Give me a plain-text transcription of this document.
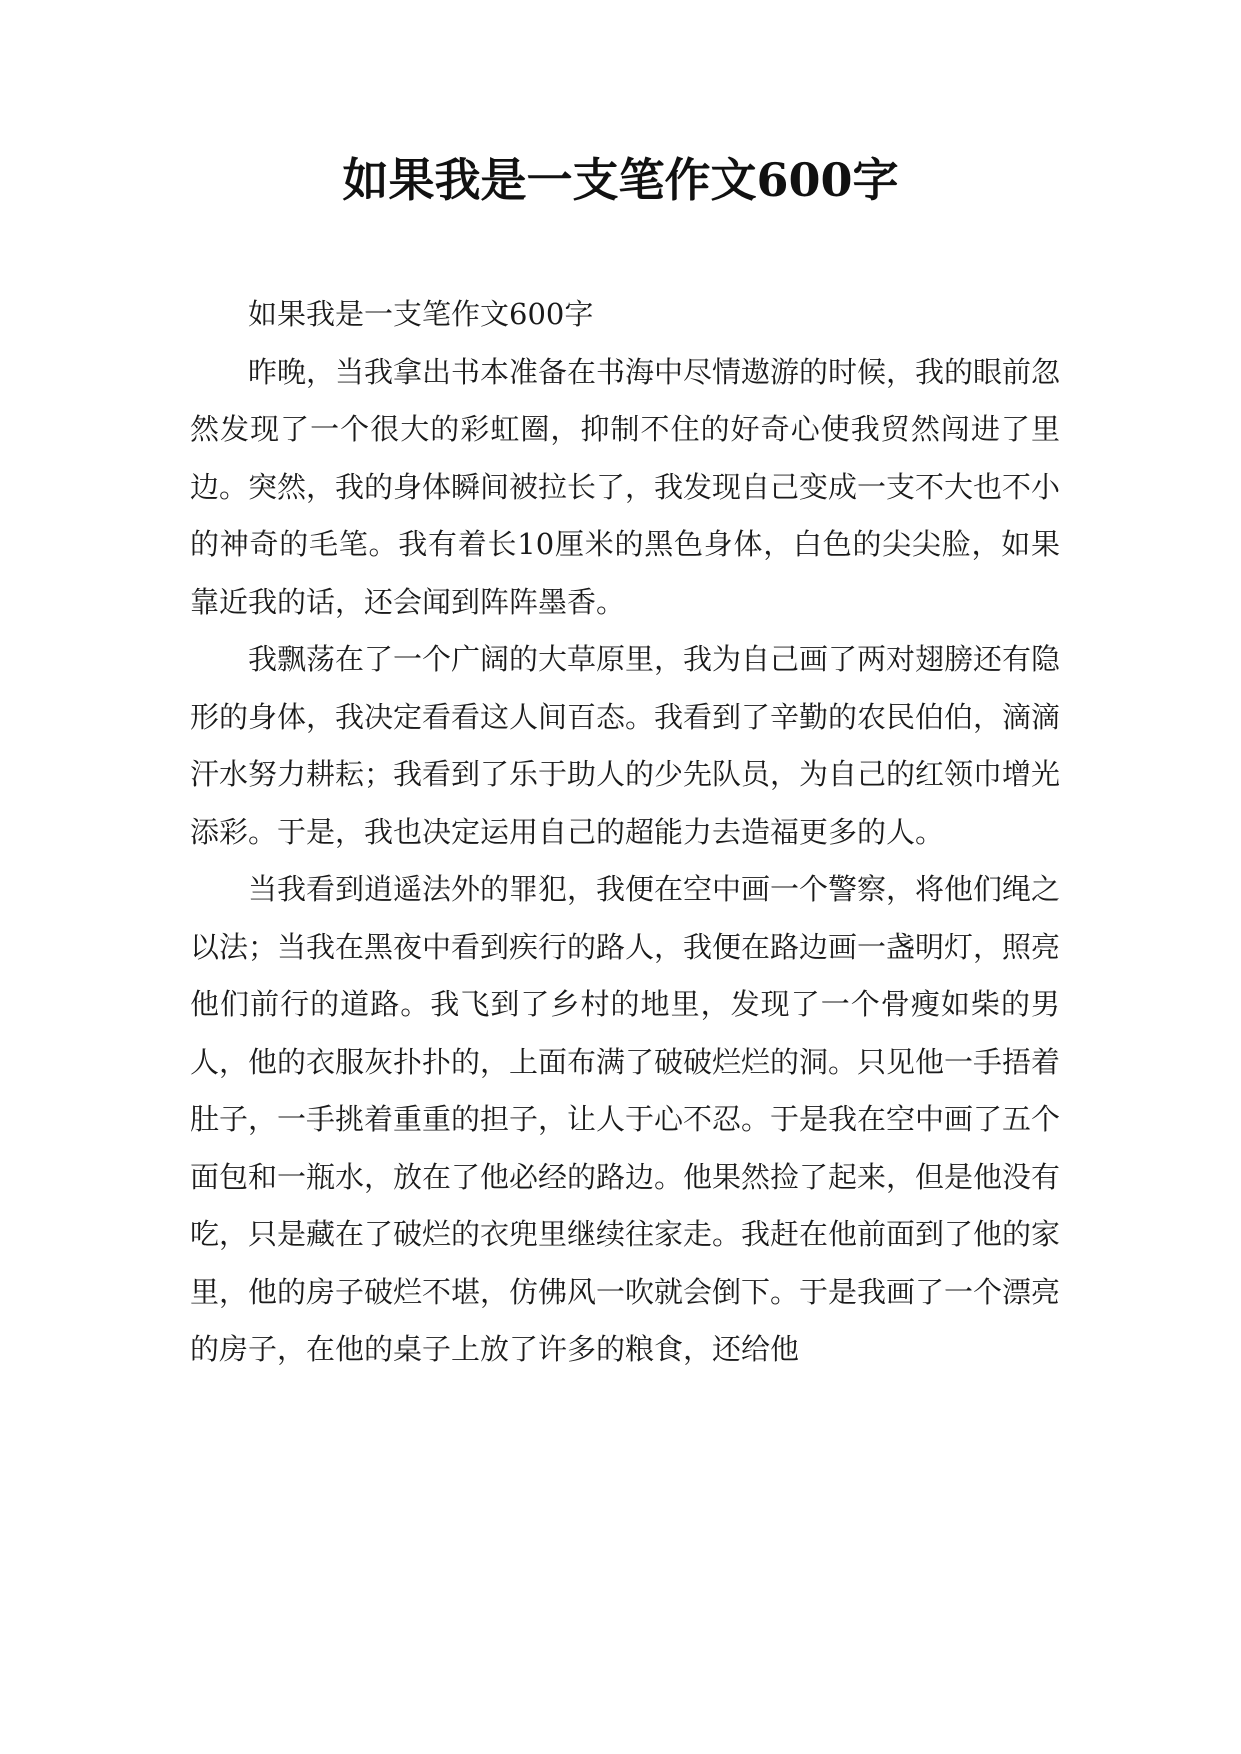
如果我是一支笔作文600字

如果我是一支笔作文600字

昨晚，当我拿出书本准备在书海中尽情遨游的时候，我的眼前忽然发现了一个很大的彩虹圈，抑制不住的好奇心使我贸然闯进了里边。突然，我的身体瞬间被拉长了，我发现自己变成一支不大也不小的神奇的毛笔。我有着长10厘米的黑色身体，白色的尖尖脸，如果靠近我的话，还会闻到阵阵墨香。

我飘荡在了一个广阔的大草原里，我为自己画了两对翅膀还有隐形的身体，我决定看看这人间百态。我看到了辛勤的农民伯伯，滴滴汗水努力耕耘；我看到了乐于助人的少先队员，为自己的红领巾增光添彩。于是，我也决定运用自己的超能力去造福更多的人。

当我看到逍遥法外的罪犯，我便在空中画一个警察，将他们绳之以法；当我在黑夜中看到疾行的路人，我便在路边画一盏明灯，照亮他们前行的道路。我飞到了乡村的地里，发现了一个骨瘦如柴的男人，他的衣服灰扑扑的，上面布满了破破烂烂的洞。只见他一手捂着肚子，一手挑着重重的担子，让人于心不忍。于是我在空中画了五个面包和一瓶水，放在了他必经的路边。他果然捡了起来，但是他没有吃，只是藏在了破烂的衣兜里继续往家走。我赶在他前面到了他的家里，他的房子破烂不堪，仿佛风一吹就会倒下。于是我画了一个漂亮的房子，在他的桌子上放了许多的粮食，还给他
